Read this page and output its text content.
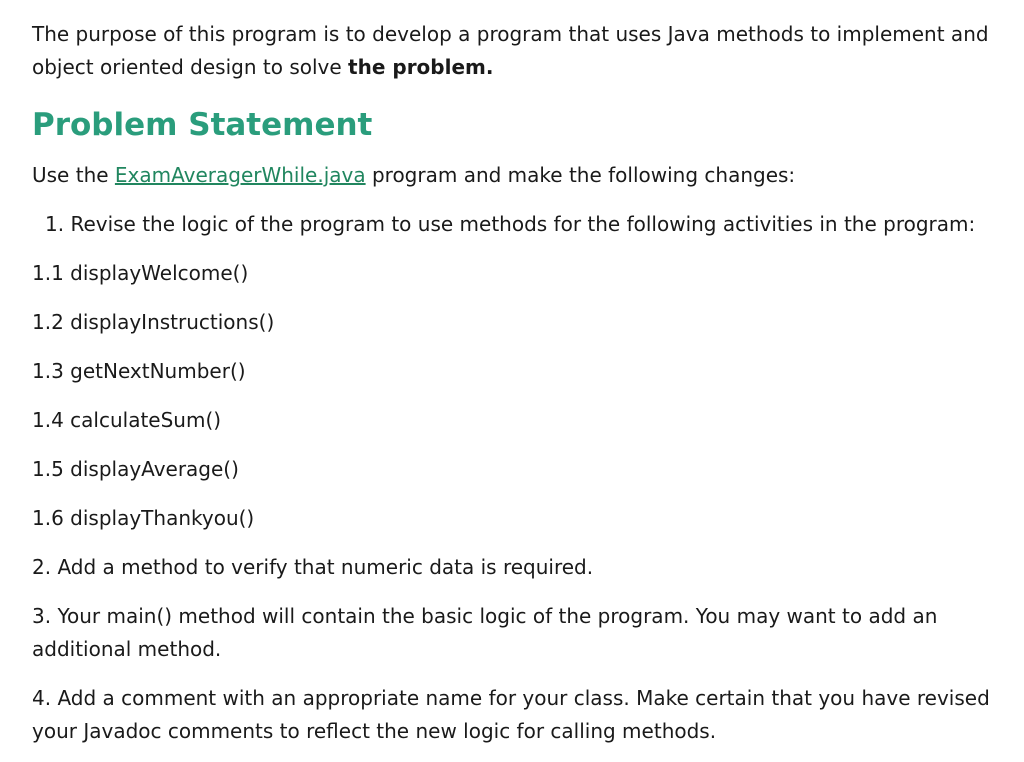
The purpose of this program is to develop a program that uses Java methods to implement and object oriented design to solve the problem.

Problem Statement

Use the ExamAveragerWhile.java program and make the following changes:

1. Revise the logic of the program to use methods for the following activities in the program:

1.1 displayWelcome()

1.2 displayInstructions()

1.3 getNextNumber()

1.4 calculateSum()

1.5 displayAverage()

1.6 displayThankyou()

2. Add a method to verify that numeric data is required.

3. Your main() method will contain the basic logic of the program. You may want to add an additional method.

4. Add a comment with an appropriate name for your class. Make certain that you have revised your Javadoc comments to reflect the new logic for calling methods.
